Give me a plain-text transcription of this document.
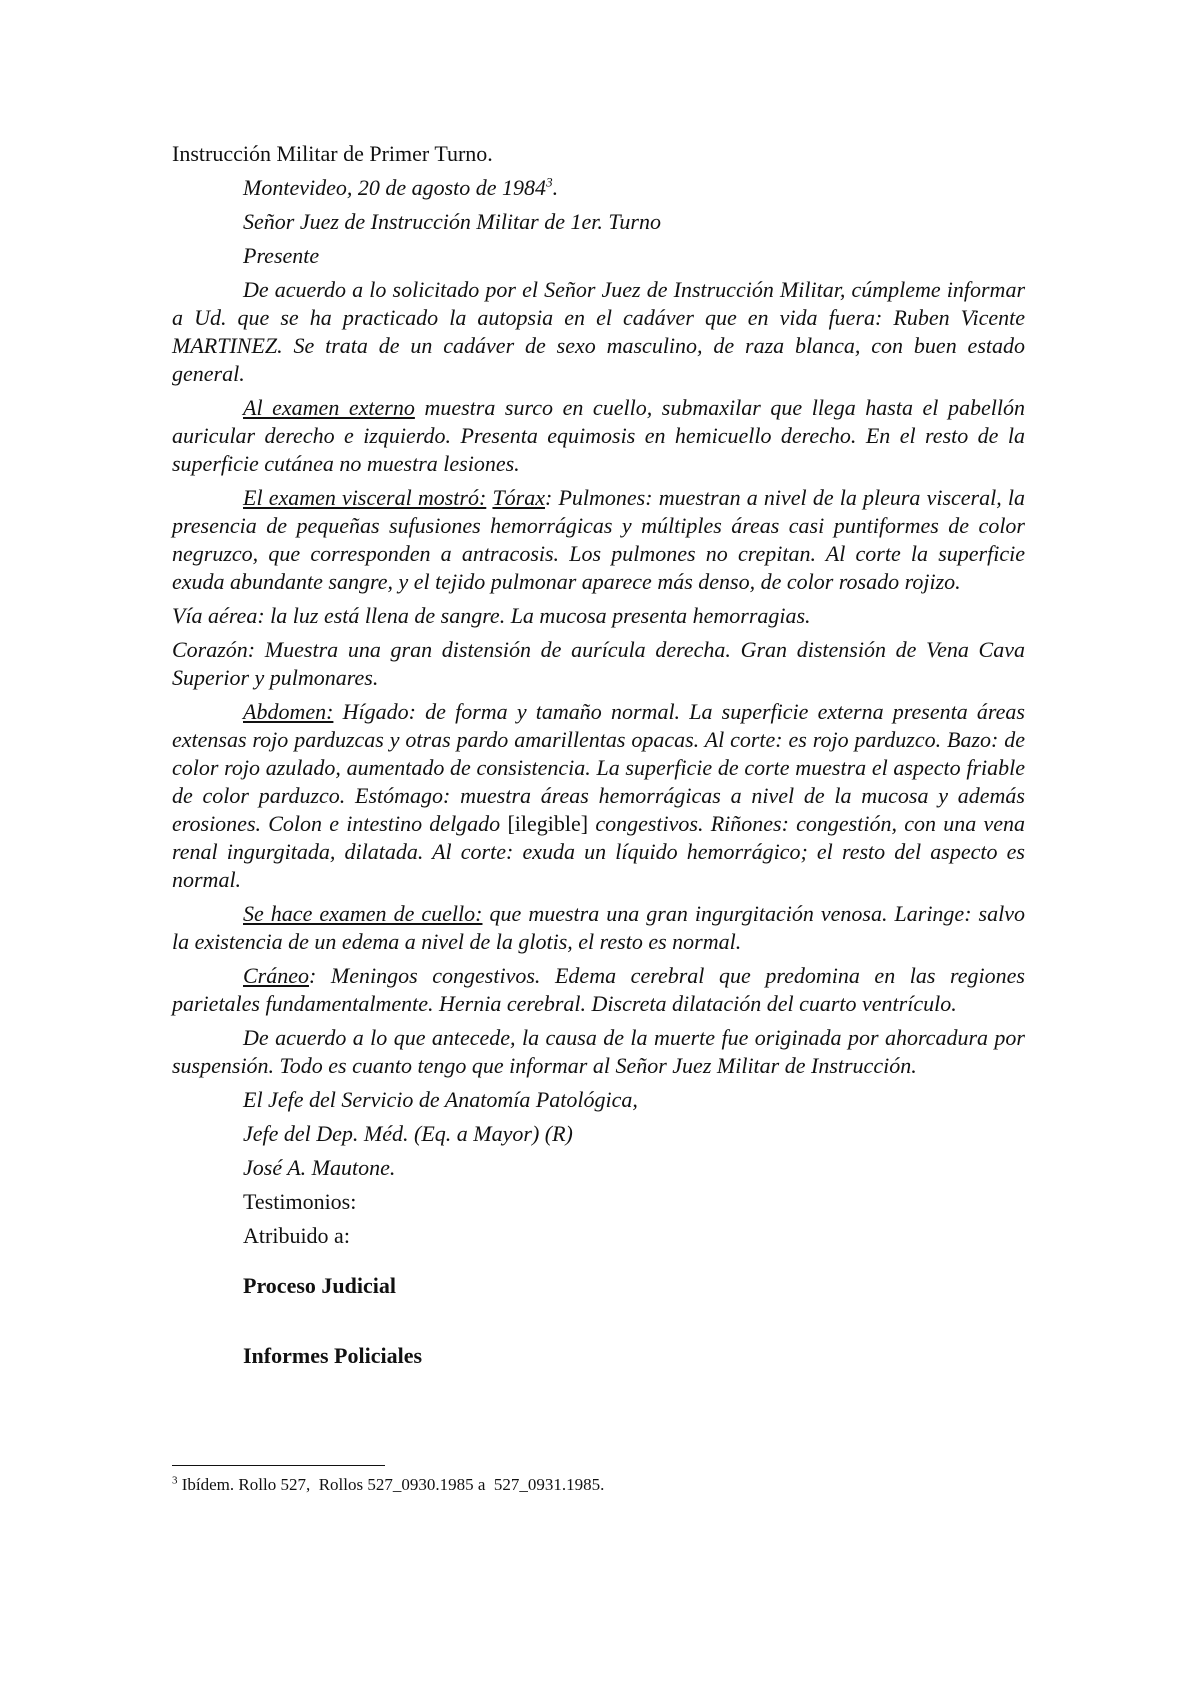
Instrucción Militar de Primer Turno.

Montevideo, 20 de agosto de 1984$^3$.

Señor Juez de Instrucción Militar de 1er. Turno

Presente

De acuerdo a lo solicitado por el Señor Juez de Instrucción Militar, cúmpleme informar a Ud. que se ha practicado la autopsia en el cadáver que en vida fuera: Ruben Vicente MARTINEZ. Se trata de un cadáver de sexo masculino, de raza blanca, con buen estado general.

Al examen externo muestra surco en cuello, submaxilar que llega hasta el pabellón auricular derecho e izquierdo. Presenta equimosis en hemicuello derecho. En el resto de la superficie cutánea no muestra lesiones.

El examen visceral mostró: Tórax: Pulmones: muestran a nivel de la pleura visceral, la presencia de pequeñas sufusiones hemorrágicas y múltiples áreas casi puntiformes de color negruzco, que corresponden a antracosis. Los pulmones no crepitan. Al corte la superficie exuda abundante sangre, y el tejido pulmonar aparece más denso, de color rosado rojizo.

Vía aérea: la luz está llena de sangre. La mucosa presenta hemorragias.

Corazón: Muestra una gran distensión de aurícula derecha. Gran distensión de Vena Cava Superior y pulmonares.

Abdomen: Hígado: de forma y tamaño normal. La superficie externa presenta áreas extensas rojo parduzcas y otras pardo amarillentas opacas. Al corte: es rojo parduzco. Bazo: de color rojo azulado, aumentado de consistencia. La superficie de corte muestra el aspecto friable de color parduzco. Estómago: muestra áreas hemorrágicas a nivel de la mucosa y además erosiones. Colon e intestino delgado [ilegible] congestivos. Riñones: congestión, con una vena renal ingurgitada, dilatada. Al corte: exuda un líquido hemorrágico; el resto del aspecto es normal.

Se hace examen de cuello: que muestra una gran ingurgitación venosa. Laringe: salvo la existencia de un edema a nivel de la glotis, el resto es normal.

Cráneo: Meningos congestivos. Edema cerebral que predomina en las regiones parietales fundamentalmente. Hernia cerebral. Discreta dilatación del cuarto ventrículo.

De acuerdo a lo que antecede, la causa de la muerte fue originada por ahorcadura por suspensión. Todo es cuanto tengo que informar al Señor Juez Militar de Instrucción.

El Jefe del Servicio de Anatomía Patológica,

Jefe del Dep. Méd. (Eq. a Mayor) (R)

José A. Mautone.

Testimonios:

Atribuido a:

Proceso Judicial

Informes Policiales

$^3$ Ibídem. Rollo 527,  Rollos 527_0930.1985 a  527_0931.1985.
